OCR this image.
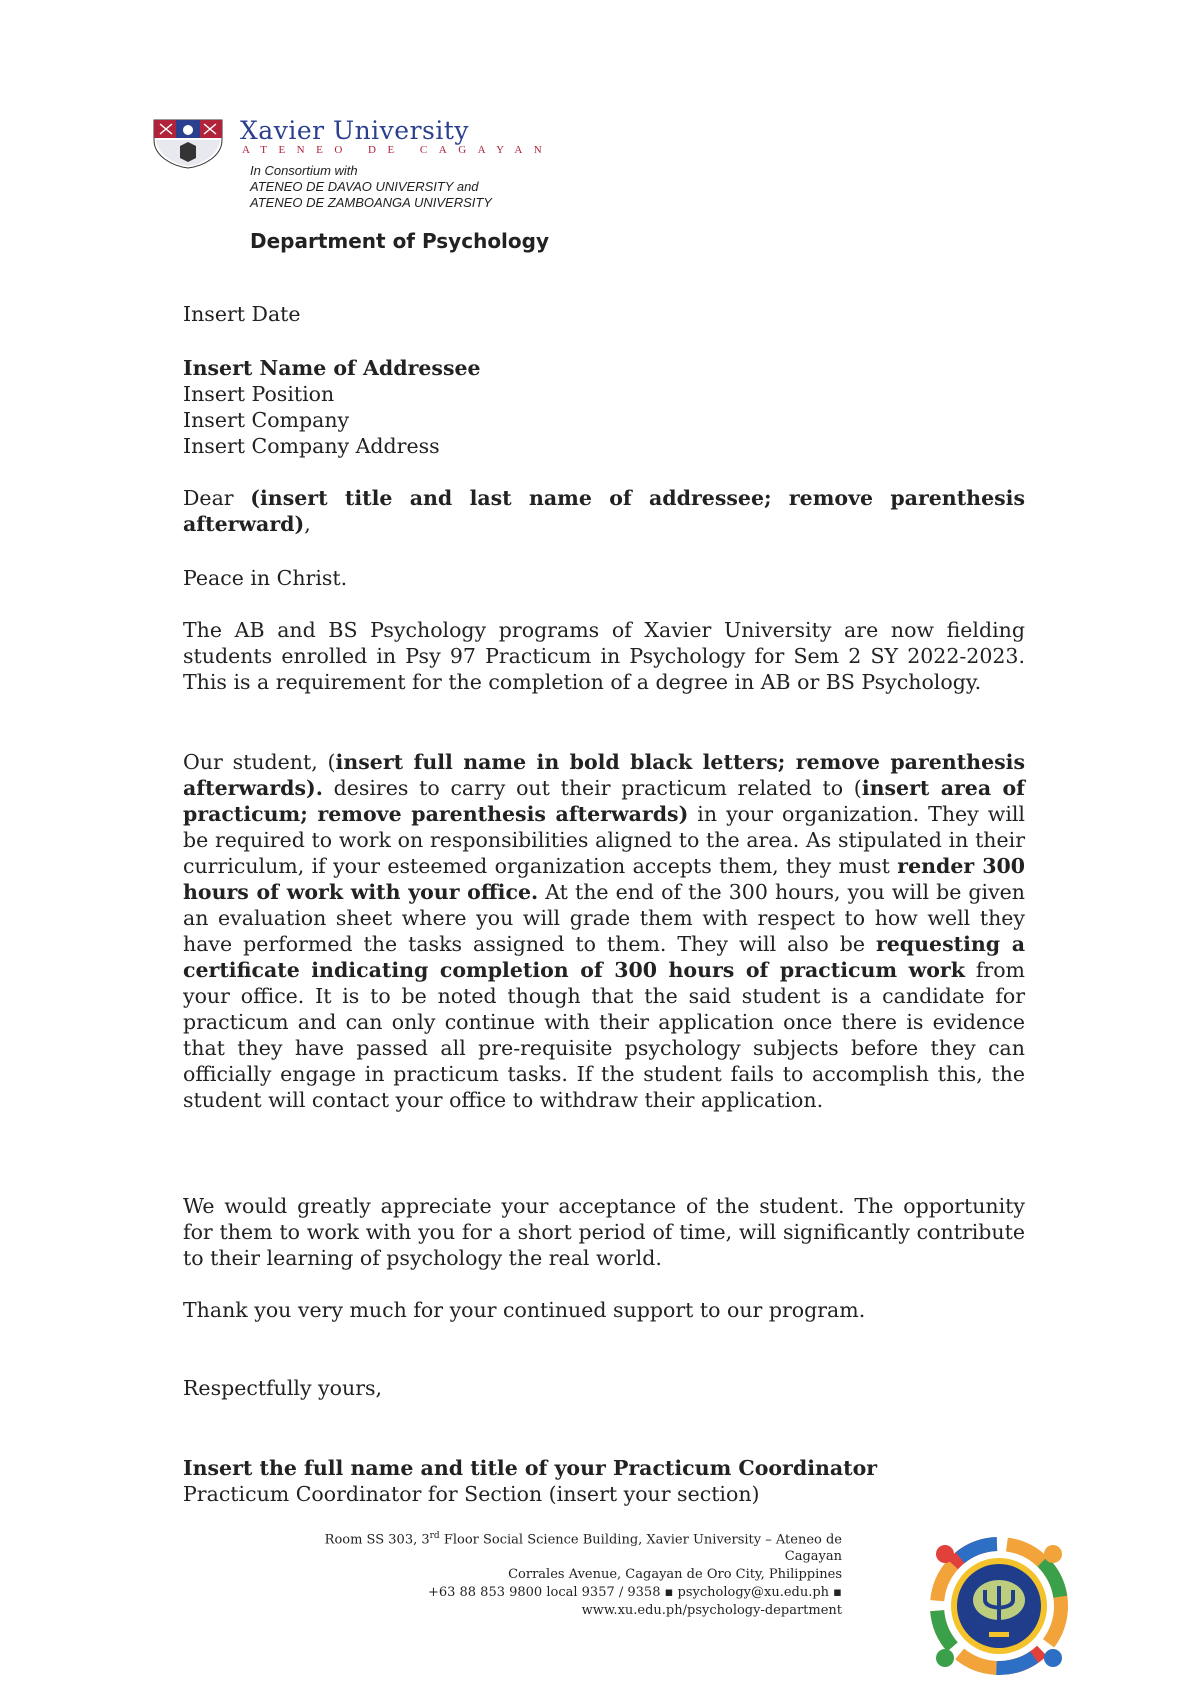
Xavier University
ATENEO DE CAGAYAN
In Consortium with
ATENEO DE DAVAO UNIVERSITY and
ATENEO DE ZAMBOANGA UNIVERSITY
Department of Psychology
Insert Date
Insert Name of Addressee
Insert Position
Insert Company
Insert Company Address
Dear (insert title and last name of addressee; remove parenthesis afterward),
Peace in Christ.
The AB and BS Psychology programs of Xavier University are now fielding students enrolled in Psy 97 Practicum in Psychology for Sem 2 SY 2022-2023. This is a requirement for the completion of a degree in AB or BS Psychology.
Our student, (insert full name in bold black letters; remove parenthesis afterwards). desires to carry out their practicum related to (insert area of practicum; remove parenthesis afterwards) in your organization. They will be required to work on responsibilities aligned to the area. As stipulated in their curriculum, if your esteemed organization accepts them, they must render 300 hours of work with your office. At the end of the 300 hours, you will be given an evaluation sheet where you will grade them with respect to how well they have performed the tasks assigned to them. They will also be requesting a certificate indicating completion of 300 hours of practicum work from your office. It is to be noted though that the said student is a candidate for practicum and can only continue with their application once there is evidence that they have passed all pre-requisite psychology subjects before they can officially engage in practicum tasks. If the student fails to accomplish this, the student will contact your office to withdraw their application.
We would greatly appreciate your acceptance of the student. The opportunity for them to work with you for a short period of time, will significantly contribute to their learning of psychology the real world.
Thank you very much for your continued support to our program.
Respectfully yours,
Insert the full name and title of your Practicum Coordinator
Practicum Coordinator for Section (insert your section)
Room SS 303, 3rd Floor Social Science Building, Xavier University – Ateneo de
Cagayan
Corrales Avenue, Cagayan de Oro City, Philippines
+63 88 853 9800 local 9357 / 9358 ▪ psychology@xu.edu.ph ▪
www.xu.edu.ph/psychology-department
